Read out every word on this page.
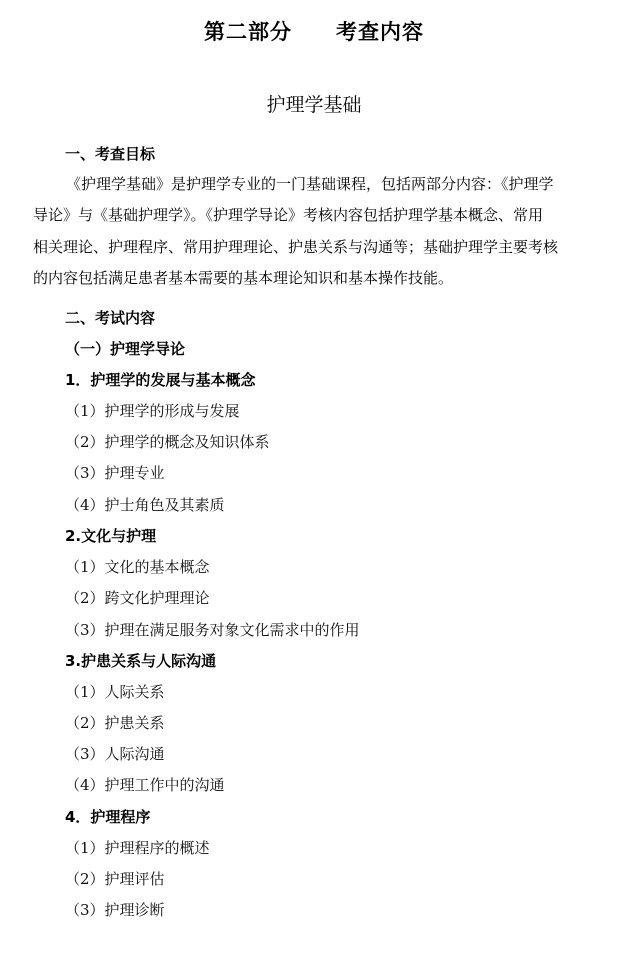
第二部分 考查内容
护理学基础
一、考查目标
《护理学基础》是护理学专业的一门基础课程，包括两部分内容：《护理学
导论》与《基础护理学》。《护理学导论》考核内容包括护理学基本概念、常用
相关理论、护理程序、常用护理理论、护患关系与沟通等；基础护理学主要考核
的内容包括满足患者基本需要的基本理论知识和基本操作技能。
二、考试内容
（一）护理学导论
1．护理学的发展与基本概念
（1）护理学的形成与发展
（2）护理学的概念及知识体系
（3）护理专业
（4）护士角色及其素质
2.文化与护理
（1）文化的基本概念
（2）跨文化护理理论
（3）护理在满足服务对象文化需求中的作用
3.护患关系与人际沟通
（1）人际关系
（2）护患关系
（3）人际沟通
（4）护理工作中的沟通
4．护理程序
（1）护理程序的概述
（2）护理评估
（3）护理诊断
